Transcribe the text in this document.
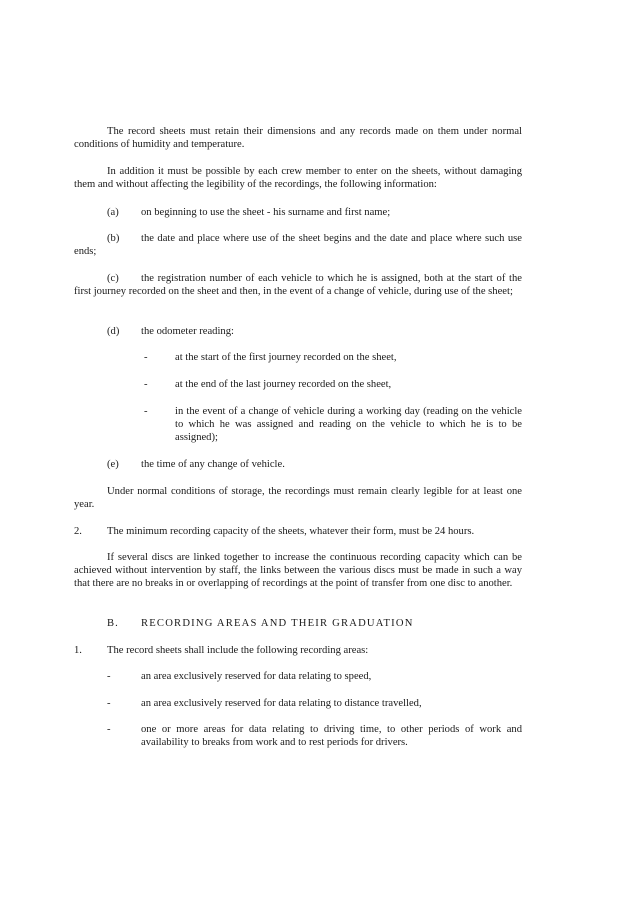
The record sheets must retain their dimensions and any records made on them under normal conditions of humidity and temperature.

In addition it must be possible by each crew member to enter on the sheets, without damaging them and without affecting the legibility of the recordings, the following information:

(a) on beginning to use the sheet - his surname and first name;
(b)	the date and place where use of the sheet begins and the date and place where such use ends;
(c)	the registration number of each vehicle to which he is assigned, both at the start of the first journey recorded on the sheet and then, in the event of a change of vehicle, during use of the sheet;
(d) the odometer reading:
-	at the start of the first journey recorded on the sheet,
-	at the end of the last journey recorded on the sheet,
-	in the event of a change of vehicle during a working day (reading on the vehicle to which he was assigned and reading on the vehicle to which he is to be assigned);
(e) the time of any change of vehicle.

Under normal conditions of storage, the recordings must remain clearly legible for at least one year.

2. The minimum recording capacity of the sheets, whatever their form, must be 24 hours.

If several discs are linked together to increase the continuous recording capacity which can be achieved without intervention by staff, the links between the various discs must be made in such a way that there are no breaks in or overlapping of recordings at the point of transfer from one disc to another.

B. RECORDING AREAS AND THEIR GRADUATION
1. The record sheets shall include the following recording areas:
-	an area exclusively reserved for data relating to speed,
-	an area exclusively reserved for data relating to distance travelled,
-	one or more areas for data relating to driving time, to other periods of work and availability to breaks from work and to rest periods for drivers.
